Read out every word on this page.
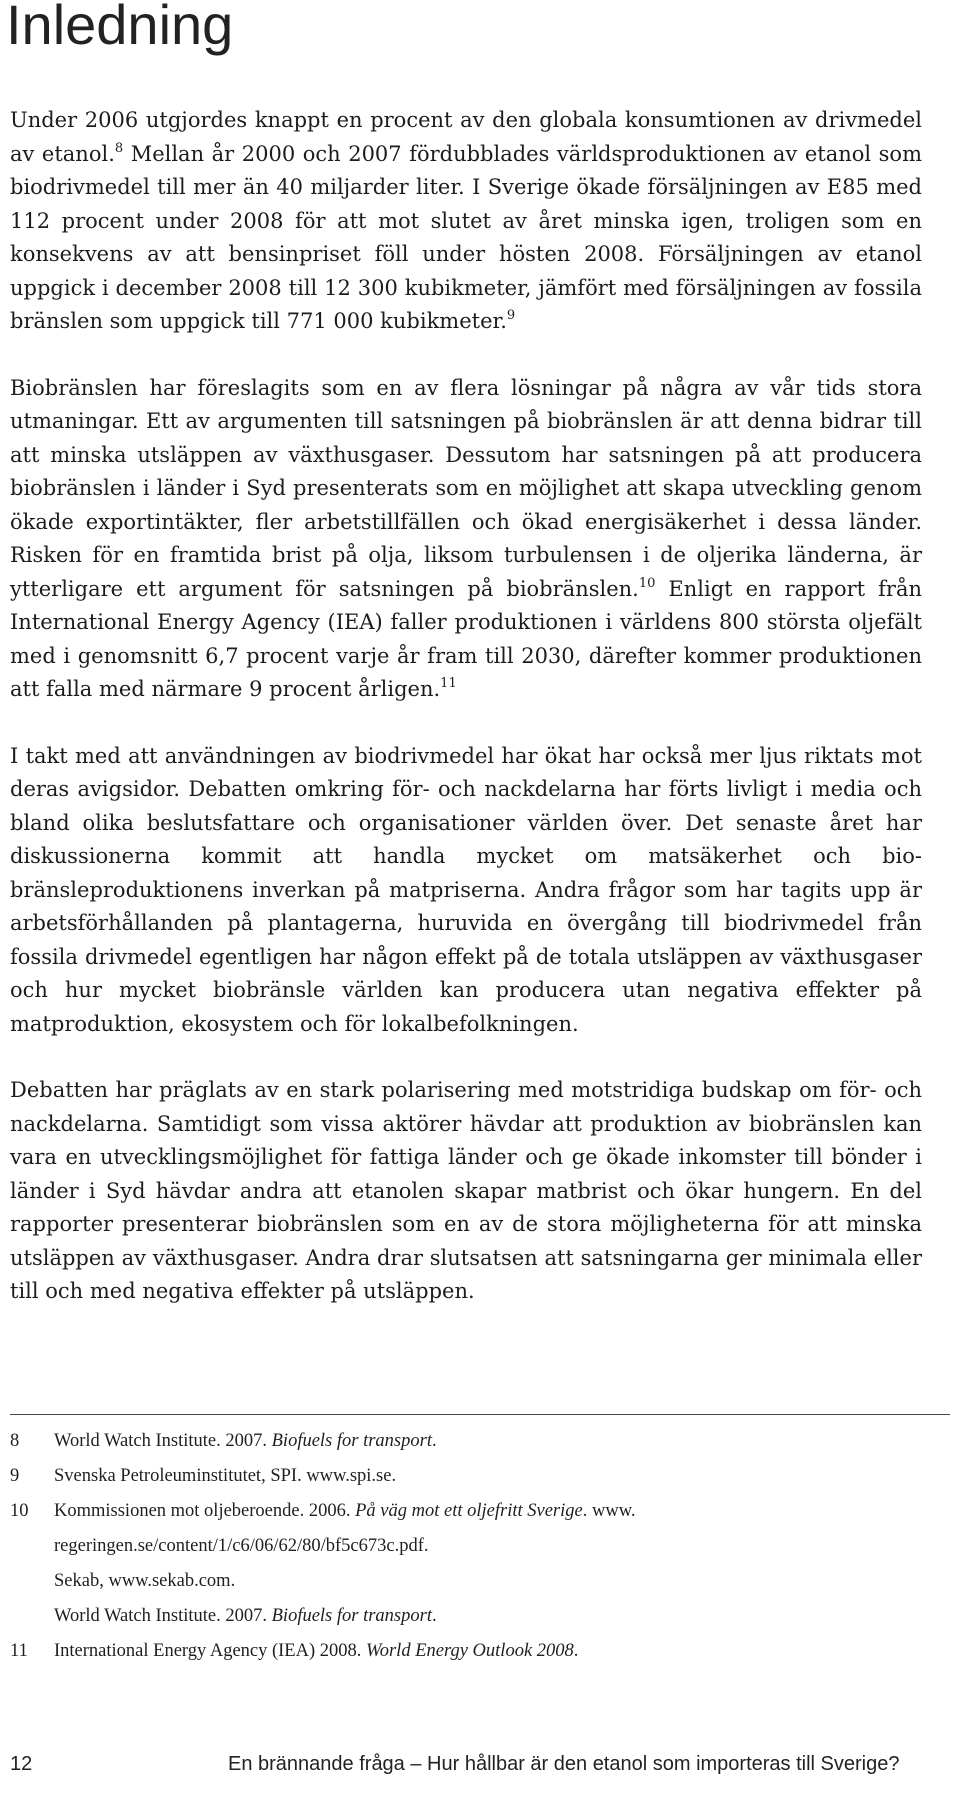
Inledning

Under 2006 utgjordes knappt en procent av den globala konsumtionen av drivmedel av etanol.$^8$ Mellan år 2000 och 2007 fördubblades världsproduktionen av etanol som biodrivmedel till mer än 40 miljarder liter. I Sverige ökade försäljningen av E85 med 112 procent under 2008 för att mot slutet av året minska igen, troligen som en konsekvens av att bensinpriset föll under hösten 2008. Försäljningen av etanol uppgick i december 2008 till 12 300 kubikmeter, jämfört med försäljningen av fossila bränslen som uppgick till 771 000 kubikmeter.$^9$

Biobränslen har föreslagits som en av flera lösningar på några av vår tids stora utmaningar. Ett av argumenten till satsningen på biobränslen är att denna bidrar till att minska utsläppen av växthusgaser. Dessutom har satsningen på att producera biobränslen i länder i Syd presenterats som en möjlighet att skapa utveckling genom ökade exportintäkter, fler arbetstillfällen och ökad energisäkerhet i dessa länder. Risken för en framtida brist på olja, liksom turbulensen i de oljerika länderna, är ytterligare ett argument för satsningen på biobränslen.$^{10}$ Enligt en rapport från International Energy Agency (IEA) faller produktionen i världens 800 största oljefält med i genomsnitt 6,7 procent varje år fram till 2030, därefter kommer produktionen att falla med närmare 9 procent årligen.$^{11}$

I takt med att användningen av biodrivmedel har ökat har också mer ljus riktats mot deras avigsidor. Debatten omkring för- och nackdelarna har förts livligt i media och bland olika beslutsfattare och organisationer världen över. Det senaste året har diskussionerna kommit att handla mycket om matsäkerhet och biobränsleproduktionens inverkan på matpriserna. Andra frågor som har tagits upp är arbetsförhållanden på plantagerna, huruvida en övergång till biodrivmedel från fossila drivmedel egentligen har någon effekt på de totala utsläppen av växthusgaser och hur mycket biobränsle världen kan producera utan negativa effekter på matproduktion, ekosystem och för lokalbefolkningen.

Debatten har präglats av en stark polarisering med motstridiga budskap om för- och nackdelarna. Samtidigt som vissa aktörer hävdar att produktion av biobränslen kan vara en utvecklingsmöjlighet för fattiga länder och ge ökade inkomster till bönder i länder i Syd hävdar andra att etanolen skapar matbrist och ökar hungern. En del rapporter presenterar biobränslen som en av de stora möjligheterna för att minska utsläppen av växthusgaser. Andra drar slutsatsen att satsningarna ger minimala eller till och med negativa effekter på utsläppen.

8	World Watch Institute. 2007. Biofuels for transport.
9	Svenska Petroleuminstitutet, SPI. www.spi.se.
10	Kommissionen mot oljeberoende. 2006. På väg mot ett oljefritt Sverige. www.
regeringen.se/content/1/c6/06/62/80/bf5c673c.pdf.
Sekab, www.sekab.com.
World Watch Institute. 2007. Biofuels for transport.
11	International Energy Agency (IEA) 2008. World Energy Outlook 2008.
12	En brännande fråga – Hur hållbar är den etanol som importeras till Sverige?
